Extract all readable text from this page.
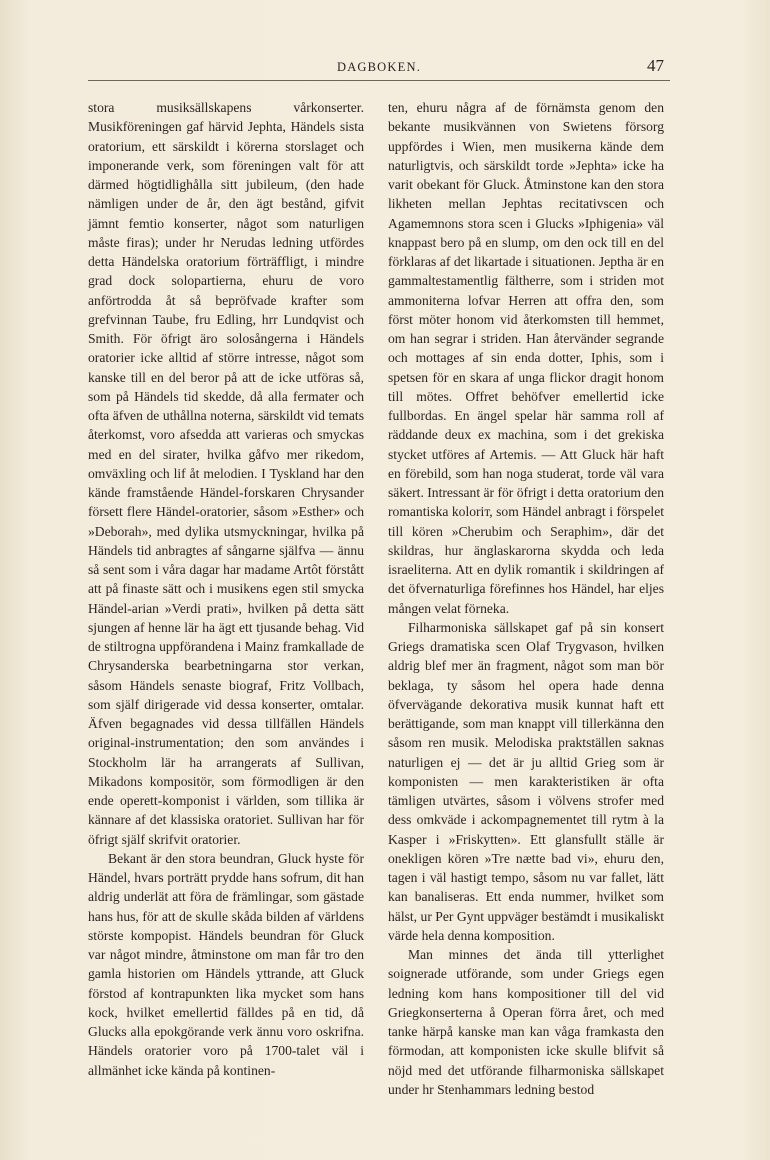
DAGBOKEN.	47

stora musiksällskapens vårkonserter. Musikföreningen gaf härvid Jephta, Händels sista oratorium, ett särskildt i körerna storslaget och imponerande verk, som föreningen valt för att därmed högtidlighålla sitt jubileum, (den hade nämligen under de år, den ägt bestånd, gifvit jämnt femtio konserter, något som naturligen måste firas); under hr Nerudas ledning utfördes detta Händelska oratorium förträffligt, i mindre grad dock solopartierna, ehuru de voro anförtrodda åt så bepröfvade krafter som grefvinnan Taube, fru Edling, hrr Lundqvist och Smith. För öfrigt äro solosångerna i Händels oratorier icke alltid af större intresse, något som kanske till en del beror på att de icke utföras så, som på Händels tid skedde, då alla fermater och ofta äfven de uthållna noterna, särskildt vid temats återkomst, voro afsedda att varieras och smyckas med en del sirater, hvilka gåfvo mer rikedom, omväxling och lif åt melodien. I Tyskland har den kände framstående Händel-forskaren Chrysander försett flere Händel-oratorier, såsom »Esther» och »Deborah», med dylika utsmyckningar, hvilka på Händels tid anbragtes af sångarne själfva — ännu så sent som i våra dagar har madame Artôt förstått att på finaste sätt och i musikens egen stil smycka Händel-arian »Verdi prati», hvilken på detta sätt sjungen af henne lär ha ägt ett tjusande behag. Vid de stiltrogna uppförandena i Mainz framkallade de Chrysanderska bearbetningarna stor verkan, såsom Händels senaste biograf, Fritz Vollbach, som själf dirigerade vid dessa konserter, omtalar. Äfven begagnades vid dessa tillfällen Händels original-instrumentation; den som användes i Stockholm lär ha arrangerats af Sullivan, Mikadons kompositör, som förmodligen är den ende operett-komponist i världen, som tillika är kännare af det klassiska oratoriet. Sullivan har för öfrigt själf skrifvit oratorier.

Bekant är den stora beundran, Gluck hyste för Händel, hvars porträtt prydde hans sofrum, dit han aldrig underlät att föra de främlingar, som gästade hans hus, för att de skulle skåda bilden af världens störste kompopist. Händels beundran för Gluck var något mindre, åtminstone om man får tro den gamla historien om Händels yttrande, att Gluck förstod af kontrapunkten lika mycket som hans kock, hvilket emellertid fälldes på en tid, då Glucks alla epokgörande verk ännu voro oskrifna. Händels oratorier voro på 1700-talet väl i allmänhet icke kända på kontinen-

ten, ehuru några af de förnämsta genom den bekante musikvännen von Swietens försorg uppfördes i Wien, men musikerna kände dem naturligtvis, och särskildt torde »Jephta» icke ha varit obekant för Gluck. Åtminstone kan den stora likheten mellan Jephtas recitativscen och Agamemnons stora scen i Glucks »Iphigenia» väl knappast bero på en slump, om den ock till en del förklaras af det likartade i situationen. Jeptha är en gammaltestamentlig fältherre, som i striden mot ammoniterna lofvar Herren att offra den, som först möter honom vid återkomsten till hemmet, om han segrar i striden. Han återvänder segrande och mottages af sin enda dotter, Iphis, som i spetsen för en skara af unga flickor dragit honom till mötes. Offret behöfver emellertid icke fullbordas. En ängel spelar här samma roll af räddande deux ex machina, som i det grekiska stycket utföres af Artemis. — Att Gluck här haft en förebild, som han noga studerat, torde väl vara säkert. Intressant är för öfrigt i detta oratorium den romantiska koloriт, som Händel anbragt i förspelet till kören »Cherubim och Seraphim», där det skildras, hur änglaskarorna skydda och leda israeliterna. Att en dylik romantik i skildringen af det öfvernaturliga förefinnes hos Händel, har eljes mången velat förneka.

Filharmoniska sällskapet gaf på sin konsert Griegs dramatiska scen Olaf Trygvason, hvilken aldrig blef mer än fragment, något som man bör beklaga, ty såsom hel opera hade denna öfvervägande dekorativa musik kunnat haft ett berättigande, som man knappt vill tillerkänna den såsom ren musik. Melodiska praktställen saknas naturligen ej — det är ju alltid Grieg som är komponisten — men karakteristiken är ofta tämligen utvärtes, såsom i völvens strofer med dess omkväde i ackompagnementet till rytm à la Kasper i »Friskytten». Ett glansfullt ställe är onekligen kören »Tre nætte bad vi», ehuru den, tagen i väl hastigt tempo, såsom nu var fallet, lätt kan banaliseras. Ett enda nummer, hvilket som hälst, ur Per Gynt uppväger bestämdt i musikaliskt värde hela denna komposition.

Man minnes det ända till ytterlighet soignerade utförande, som under Griegs egen ledning kom hans kompositioner till del vid Griegkonserterna å Operan förra året, och med tanke härpå kanske man kan våga framkasta den förmodan, att komponisten icke skulle blifvit så nöjd med det utförande filharmoniska sällskapet under hr Stenhammars ledning bestod
